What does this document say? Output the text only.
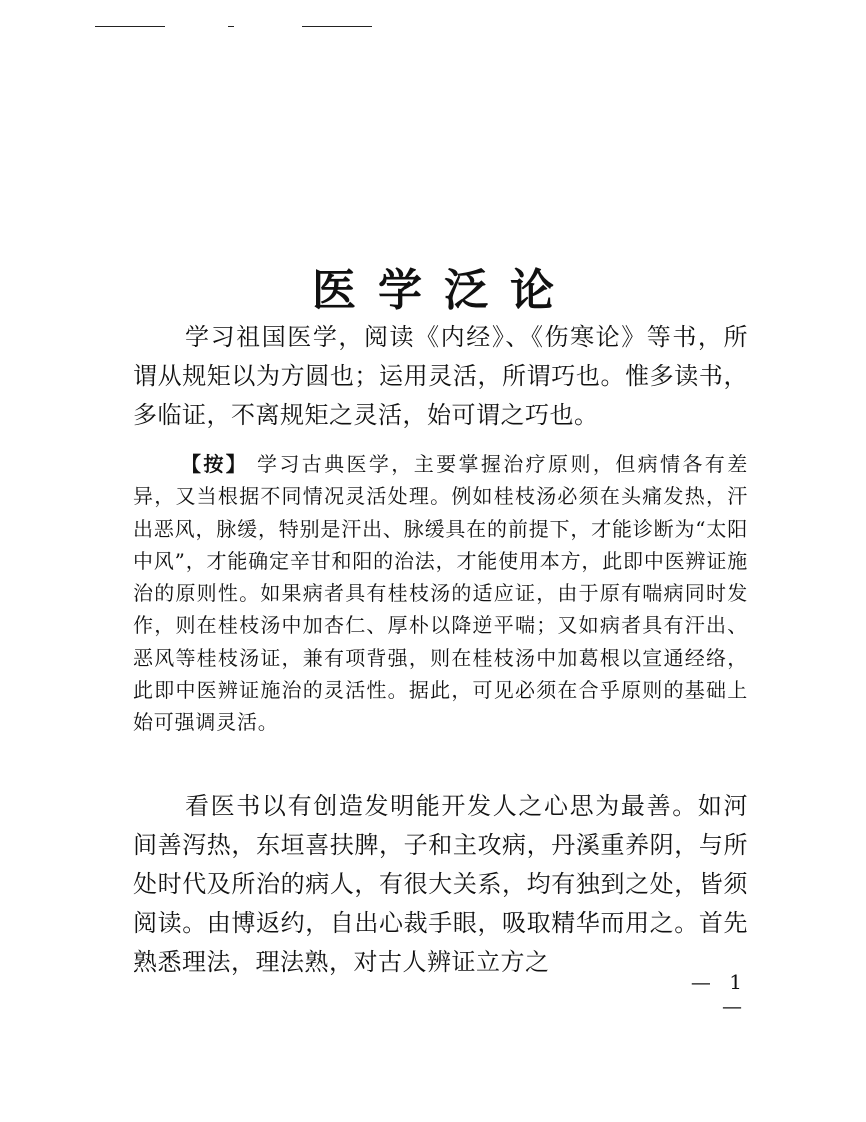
医学泛论

学习祖国医学，阅读《内经》、《伤寒论》等书，所谓从规矩以为方圆也；运用灵活，所谓巧也。惟多读书，多临证，不离规矩之灵活，始可谓之巧也。

【按】 学习古典医学，主要掌握治疗原则，但病情各有差异，又当根据不同情况灵活处理。例如桂枝汤必须在头痛发热，汗出恶风，脉缓，特别是汗出、脉缓具在的前提下，才能诊断为“太阳中风”，才能确定辛甘和阳的治法，才能使用本方，此即中医辨证施治的原则性。如果病者具有桂枝汤的适应证，由于原有喘病同时发作，则在桂枝汤中加杏仁、厚朴以降逆平喘；又如病者具有汗出、恶风等桂枝汤证，兼有项背强，则在桂枝汤中加葛根以宣通经络，此即中医辨证施治的灵活性。据此，可见必须在合乎原则的基础上始可强调灵活。

看医书以有创造发明能开发人之心思为最善。如河间善泻热，东垣喜扶脾，子和主攻病，丹溪重养阴，与所处时代及所治的病人，有很大关系，均有独到之处，皆须阅读。由博返约，自出心裁手眼，吸取精华而用之。首先熟悉理法，理法熟，对古人辨证立方之

— 1 —
